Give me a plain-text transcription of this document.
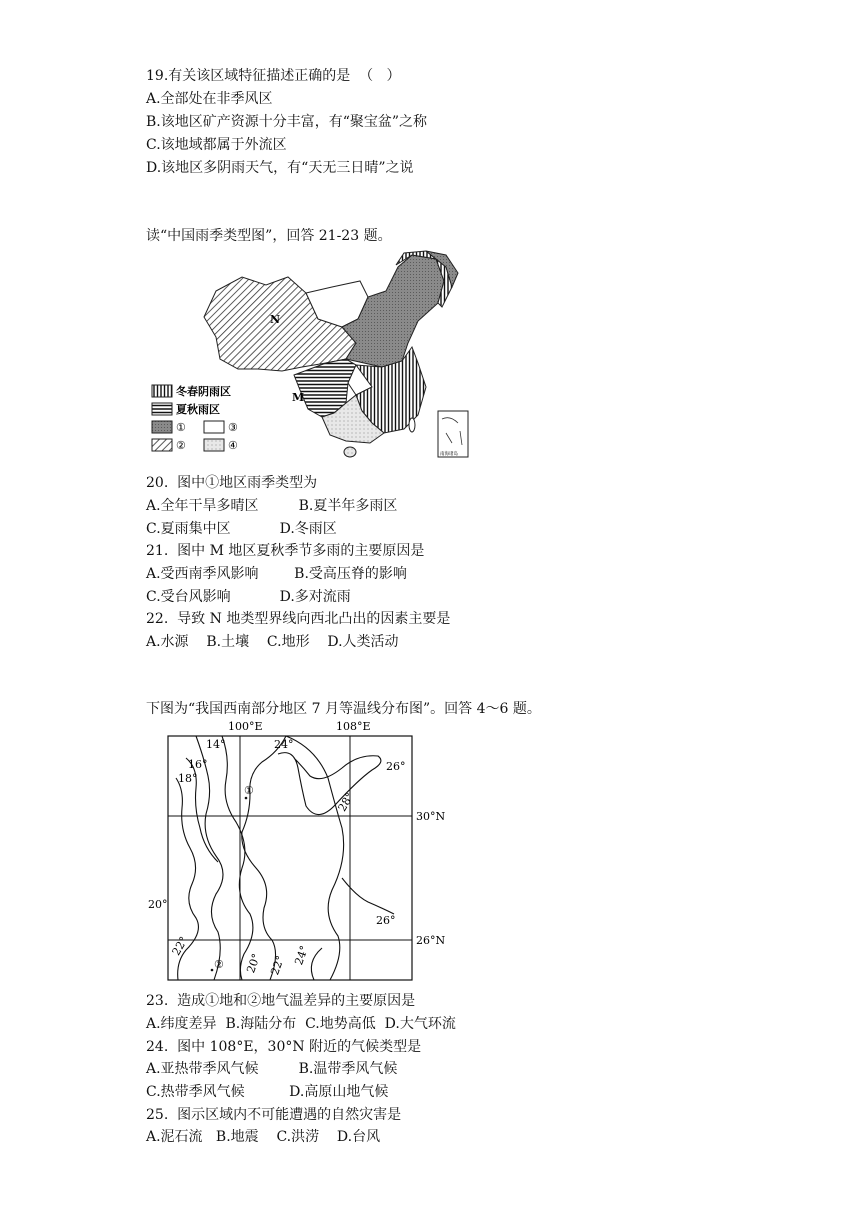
19.有关该区域特征描述正确的是  （   ）
A.全部处在非季风区
B.该地区矿产资源十分丰富，有“聚宝盆”之称
C.该地域都属于外流区
D.该地区多阴雨天气，有“天无三日晴”之说
读“中国雨季类型图”，回答 21-23 题。
N
M
冬春阴雨区
夏秋雨区
①	③
②	④
南海诸岛
20.  图中①地区雨季类型为
A.全年干旱多晴区         B.夏半年多雨区
C.夏雨集中区           D.冬雨区
21.  图中 M 地区夏秋季节多雨的主要原因是
A.受西南季风影响        B.受高压脊的影响
C.受台风影响           D.多对流雨
22.  导致 N 地类型界线向西北凸出的因素主要是
A.水源    B.土壤    C.地形    D.人类活动
下图为“我国西南部分地区 7 月等温线分布图”。回答 4～6 题。
100°E	108°E
30°N
26°N
14°
16°
18°
20°
24°
26°
28°
26°
22°
20° 22° 24°
①
②
23.  造成①地和②地气温差异的主要原因是
A.纬度差异  B.海陆分布  C.地势高低  D.大气环流
24.  图中 108°E，30°N 附近的气候类型是
A.亚热带季风气候         B.温带季风气候
C.热带季风气候          D.高原山地气候
25.  图示区域内不可能遭遇的自然灾害是
A.泥石流   B.地震    C.洪涝    D.台风
